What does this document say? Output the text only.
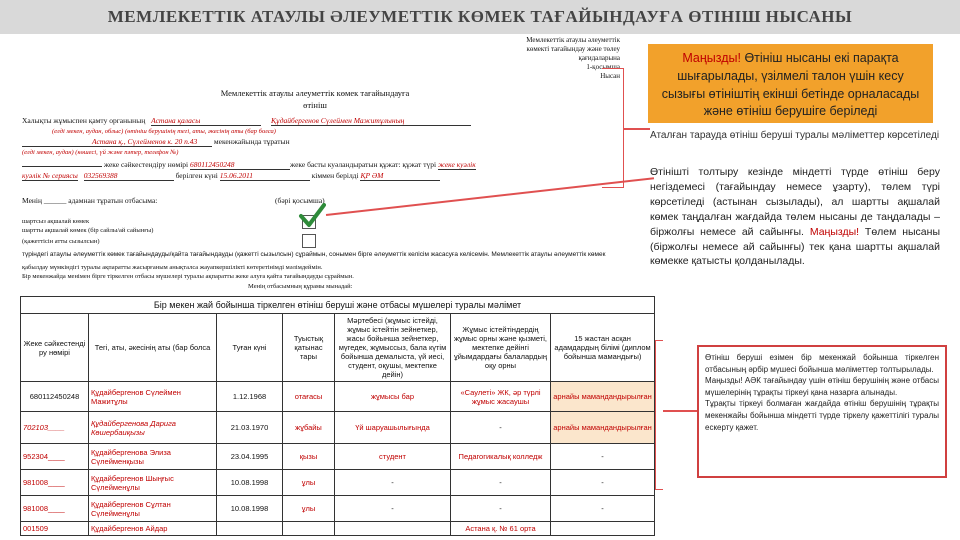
МЕМЛЕКЕТТІК АТАУЛЫ ӘЛЕУМЕТТІК КӨМЕК ТАҒАЙЫНДАУҒА ӨТІНІШ НЫСАНЫ
Мемлекеттік атаулы әлеуметтік
көмекті тағайындау және төлеу
қағидаларына
1-қосымша
Нысан
Мемлекеттік атаулы әлеуметтік көмек тағайындауға
өтініш
Халықты жұмыспен қамту органының Астана қаласы	Құдайбергенов Сүлеймен Мажитұлының
(елді мекен, аудан, облыс) (өтініш берушінің тегі, аты, әкесінің аты (бар болса)
Астана қ., Сүлейменов к. 20 п.43 мекенжайында тұратын
(елді мекен, аудан) (көшесі, үй және пәтер, телефон №)
жеке сәйкестендіру нөмірі 680112450248	жеке басты куәландыратын құжат: құжат түрі жеке куәлік
куәлік № сериясы 032569388	берілген күні 15.06.2011	кіммен берілді ҚР ӘМ
Менің ______ адамнан тұратын отбасыма:	(бәрі қосымша)
шартсыз ақшалай көмек
шартты ақшалай көмек (бір сайлы/ай сайынғы)
(қажеттісін атты сызылсын)
түріндегі атаулы әлеуметтік көмек тағайындауды/қайта тағайындауды (қажетті сызылсын) сұраймын, сонымен бірге әлеуметтік келісім жасасуға келісемін. Мемлекеттік атаулы әлеуметтік көмек
қабылдау мүмкіндігі туралы ақпаратты жасырғаным анықталса жауапкершілікті көтеретінімді мәлімдеймін.
Бір мекенжайда менімен бірге тіркелген отбасы мүшелері туралы ақпаратты жеке алуға қайта тағайындауды сұраймын.
Менің отбасымның құрамы мынадай:
Бір мекен жай бойынша тіркелген өтініш беруші және отбасы мүшелері туралы мәлімет						
Жеке сәйкестенді ру нөмірі	Тегі, аты, әкесінің аты (бар болса	Туған күні	Туыстық қатынас тары	Мәртебесі (жұмыс істейді, жұмыс істейтін зейнеткер, жасы бойынша зейнеткер, мүгедек, жұмыссыз, бала күтім бойынша демалыста, үй иесі, студент, оқушы, мектепке дейін)	Жұмыс істейтіндердің жұмыс орны және қызметі, мектепке дейінгі ұйымдардағы балалардың оқу орны	15 жастан асқан адамдардың білімі (диплом бойынша мамандығы)
680112450248	Құдайбергенов Сүлеймен Мажитұлы	1.12.1968	отағасы	жұмысы бар	«Саулеті» ЖК, әр түрлі жұмыс жасаушы	арнайы мамандандырылған
702103____	Құдайбергенова Дарига Көшербаиқызы	21.03.1970	жұбайы	Үй шаруашылығында	-	арнайы мамандандырылған
952304____	Құдайбергенова Элиза Сүлейменқызы	23.04.1995	қызы	студент	Педагогикалық колледж	-
981008____	Құдайбергенов Шыңғыс Сүлейменұлы	10.08.1998	ұлы	-	-	-
981008____	Құдайбергенов Сұлтан Сүлейменұлы	10.08.1998	ұлы	-	-	-
001509	Құдайбергенов Айдар				Астана қ. № 61 орта	
Маңызды! Өтініш нысаны екі парақта шығарылады, үзілмелі талон үшін кесу сызығы өтініштің екінші бетінде орналасады және өтініш берушіге беріледі
Аталған тарауда өтініш беруші туралы мәліметтер көрсетіледі
Өтінішті толтыру кезінде міндетті түрде өтініш беру негіздемесі (тағайындау немесе ұзарту), төлем түрі көрсетіледі (астынан сызылады), ал шартты ақшалай көмек таңдалған жағдайда төлем нысаны де таңдалады – біржолғы немесе ай сайынғы. Маңызды! Төлем нысаны (біржолғы немесе ай сайынғы) тек қана шартты ақшалай көмекке қатысты қолданылады.
Өтініш беруші езімен бір мекенжай бойынша тіркелген отбасының әрбір мүшесі бойынша мәліметтер толтырылады.
Маңызды! АӘК тағайындау үшін өтініш берушінің және отбасы мүшелерінің тұрақты тіркеуі қана назарға алынады.
Тұрақты тіркеуі болмаған жағдайда өтініш берушінің тұрақты мекенжайы бойынша міндетті түрде тіркелу қажеттілігі туралы ескерту қажет.
